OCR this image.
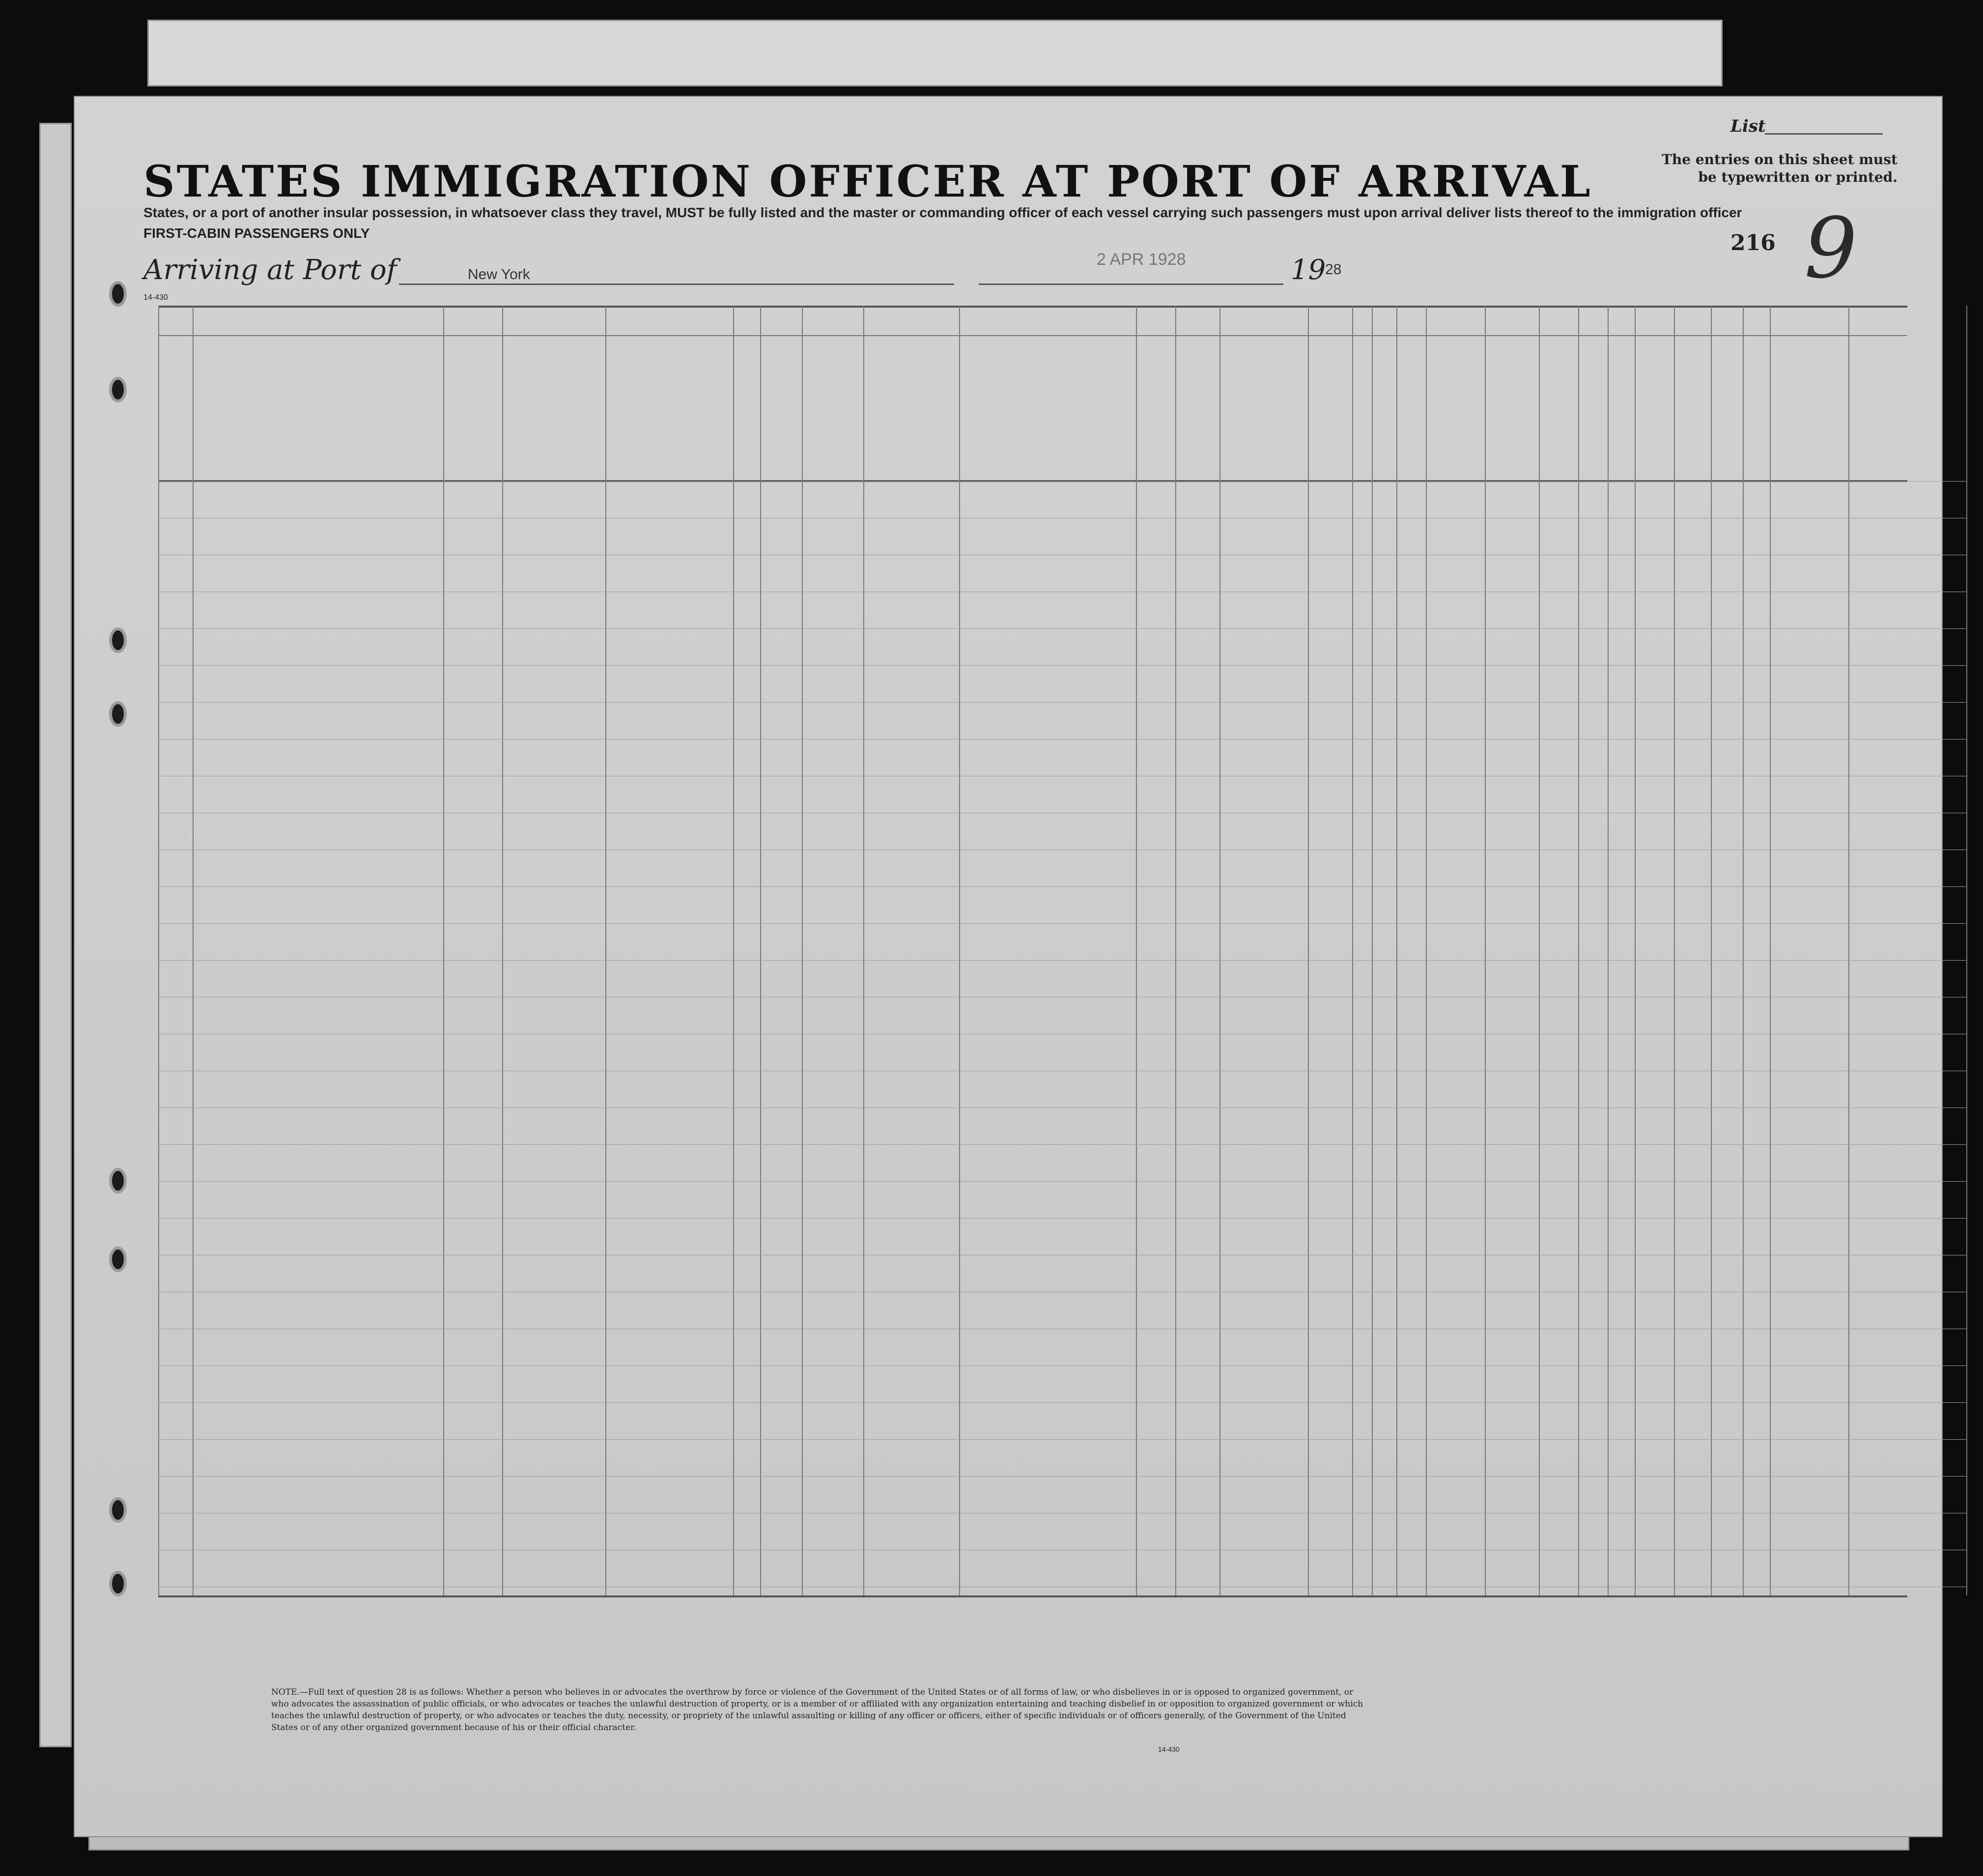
List
STATES IMMIGRATION OFFICER AT PORT OF ARRIVAL
States, or a port of another insular possession, in whatsoever class they travel, MUST be fully listed and the master or commanding officer of each vessel carrying such passengers must upon arrival deliver lists thereof to the immigration officer
FIRST-CABIN PASSENGERS ONLY
Arriving at Port of	New York
2 APR 1928	19
28
14-430
The entries on this sheet must be typewritten or printed.
216 9
NOTE.—Full text of question 28 is as follows: Whether a person who believes in or advocates the overthrow by force or violence of the Government of the United States or of all forms of law, or who disbelieves in or is opposed to organized government, or who advocates the assassination of public officials, or who advocates or teaches the unlawful destruction of property, or is a member of or affiliated with any organization entertaining and teaching disbelief in or opposition to organized government or which teaches the unlawful destruction of property, or who advocates or teaches the duty, necessity, or propriety of the unlawful assaulting or killing of any officer or officers, either of specific individuals or of officers generally, of the Government of the United States or of any other organized government because of his or their official character.
14-430
